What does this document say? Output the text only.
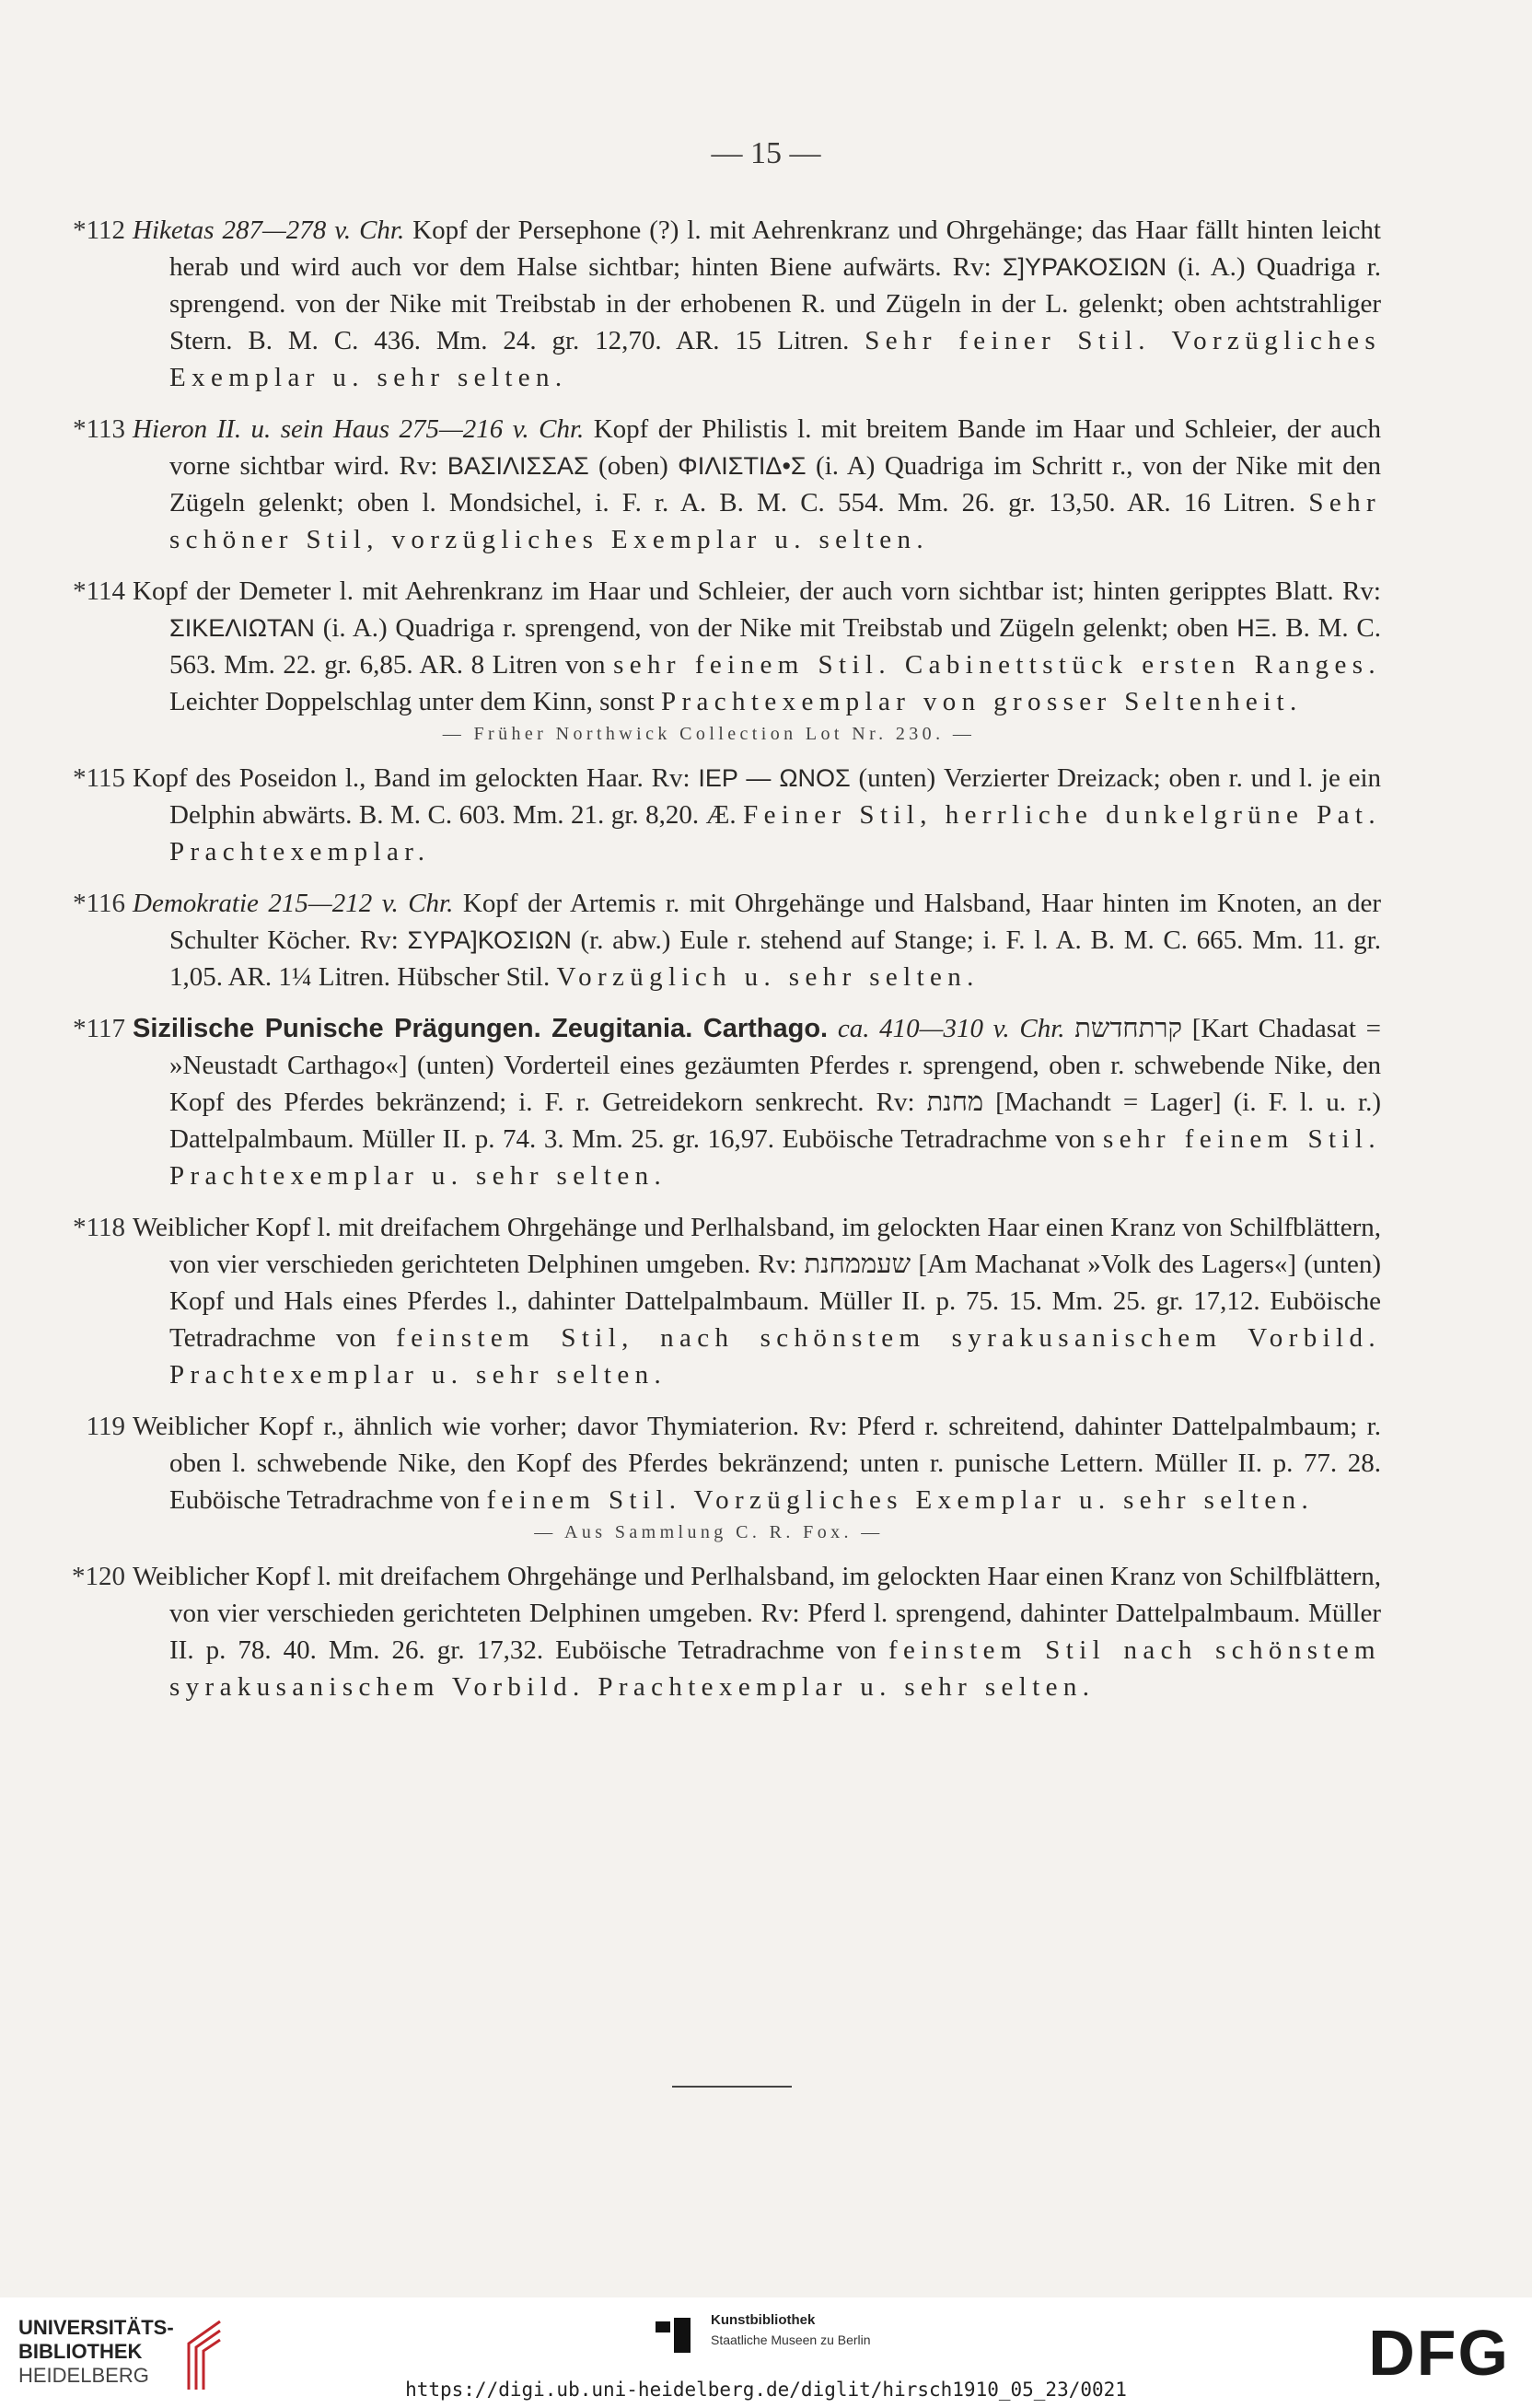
— 15 —
*112 Hiketas 287—278 v. Chr. Kopf der Persephone (?) l. mit Aehrenkranz und Ohrgehänge; das Haar fällt hinten leicht herab und wird auch vor dem Halse sichtbar; hinten Biene aufwärts. Rv: Σ]ΥΡΑΚΟΣΙΩΝ (i. A.) Quadriga r. sprengend. von der Nike mit Treibstab in der erhobenen R. und Zügeln in der L. gelenkt; oben achtstrahliger Stern. B. M. C. 436. Mm. 24. gr. 12,70. AR. 15 Litren. Sehr feiner Stil. Vorzügliches Exemplar u. sehr selten.
*113 Hieron II. u. sein Haus 275—216 v. Chr. Kopf der Philistis l. mit breitem Bande im Haar und Schleier, der auch vorne sichtbar wird. Rv: ΒΑΣΙΛΙΣΣΑΣ (oben) ΦΙΛΙΣΤΙΔ•Σ (i. A) Quadriga im Schritt r., von der Nike mit den Zügeln gelenkt; oben l. Mondsichel, i. F. r. A. B. M. C. 554. Mm. 26. gr. 13,50. AR. 16 Litren. Sehr schöner Stil, vorzügliches Exemplar u. selten.
*114 Kopf der Demeter l. mit Aehrenkranz im Haar und Schleier, der auch vorn sichtbar ist; hinten geripptes Blatt. Rv: ΣΙΚΕΛΙΩΤΑΝ (i. A.) Quadriga r. sprengend, von der Nike mit Treibstab und Zügeln gelenkt; oben ΗΞ. B. M. C. 563. Mm. 22. gr. 6,85. AR. 8 Litren von sehr feinem Stil. Cabinettstück ersten Ranges. Leichter Doppelschlag unter dem Kinn, sonst Prachtexemplar von grosser Seltenheit.
— Früher Northwick Collection Lot Nr. 230. —
*115 Kopf des Poseidon l., Band im gelockten Haar. Rv: ΙΕΡ — ΩΝΟΣ (unten) Verzierter Dreizack; oben r. und l. je ein Delphin abwärts. B. M. C. 603. Mm. 21. gr. 8,20. Æ. Feiner Stil, herrliche dunkelgrüne Pat. Prachtexemplar.
*116 Demokratie 215—212 v. Chr. Kopf der Artemis r. mit Ohrgehänge und Halsband, Haar hinten im Knoten, an der Schulter Köcher. Rv: ΣΥΡΑ]ΚΟΣΙΩΝ (r. abw.) Eule r. stehend auf Stange; i. F. l. A. B. M. C. 665. Mm. 11. gr. 1,05. AR. 1¼ Litren. Hübscher Stil. Vorzüglich u. sehr selten.
*117 Sizilische Punische Prägungen. Zeugitania. Carthago. ca. 410—310 v. Chr. קרתחדשת [Kart Chadasat = »Neustadt Carthago«] (unten) Vorderteil eines gezäumten Pferdes r. sprengend, oben r. schwebende Nike, den Kopf des Pferdes bekränzend; i. F. r. Getreidekorn senkrecht. Rv: מחנת [Machandt = Lager] (i. F. l. u. r.) Dattelpalmbaum. Müller II. p. 74. 3. Mm. 25. gr. 16,97. Euböische Tetradrachme von sehr feinem Stil. Prachtexemplar u. sehr selten.
*118 Weiblicher Kopf l. mit dreifachem Ohrgehänge und Perlhalsband, im gelockten Haar einen Kranz von Schilfblättern, von vier verschieden gerichteten Delphinen umgeben. Rv: שעממחנת [Am Machanat »Volk des Lagers«] (unten) Kopf und Hals eines Pferdes l., dahinter Dattelpalmbaum. Müller II. p. 75. 15. Mm. 25. gr. 17,12. Euböische Tetradrachme von feinstem Stil, nach schönstem syrakusanischem Vorbild. Prachtexemplar u. sehr selten.
119 Weiblicher Kopf r., ähnlich wie vorher; davor Thymiaterion. Rv: Pferd r. schreitend, dahinter Dattelpalmbaum; r. oben l. schwebende Nike, den Kopf des Pferdes bekränzend; unten r. punische Lettern. Müller II. p. 77. 28. Euböische Tetradrachme von feinem Stil. Vorzügliches Exemplar u. sehr selten.
— Aus Sammlung C. R. Fox. —
*120 Weiblicher Kopf l. mit dreifachem Ohrgehänge und Perlhalsband, im gelockten Haar einen Kranz von Schilfblättern, von vier verschieden gerichteten Delphinen umgeben. Rv: Pferd l. sprengend, dahinter Dattelpalmbaum. Müller II. p. 78. 40. Mm. 26. gr. 17,32. Euböische Tetradrachme von feinstem Stil nach schönstem syrakusanischem Vorbild. Prachtexemplar u. sehr selten.
UNIVERSITÄTS-
BIBLIOTHEK
HEIDELBERG
Kunstbibliothek
Staatliche Museen zu Berlin	DFG
https://digi.ub.uni-heidelberg.de/diglit/hirsch1910_05_23/0021
